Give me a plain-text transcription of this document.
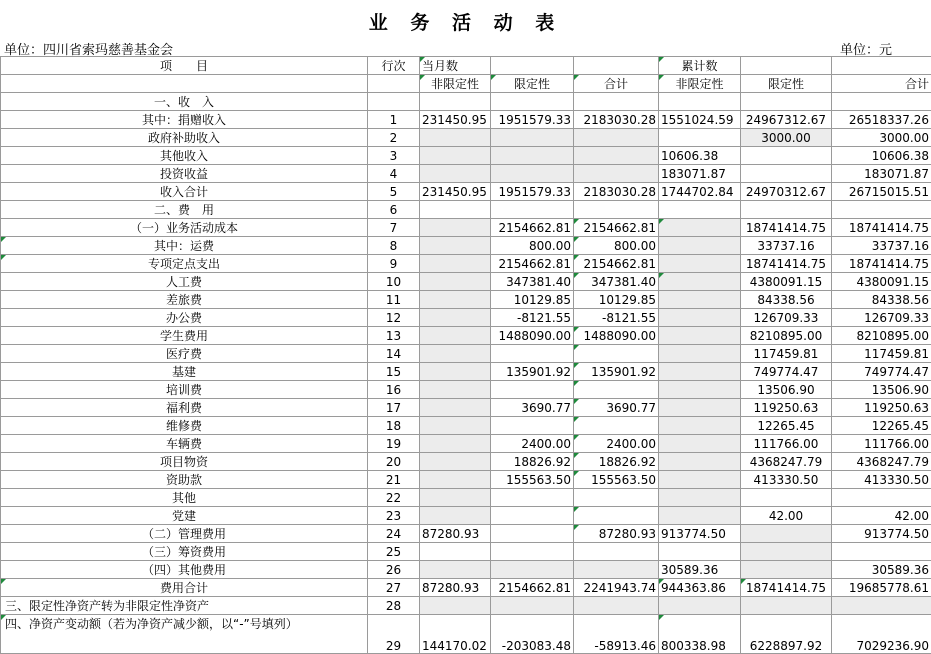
业 务 活 动 表
单位：四川省索玛慈善基金会	单位：元
项　　目	行次	当月数			累计数		
		非限定性	限定性	合计	非限定性	限定性	合计
一、收　入							
其中：捐赠收入	1	231450.95	1951579.33	2183030.28	1551024.59	24967312.67	26518337.26
政府补助收入	2					3000.00	3000.00
其他收入	3				10606.38		10606.38
投资收益	4				183071.87		183071.87
收入合计	5	231450.95	1951579.33	2183030.28	1744702.84	24970312.67	26715015.51
二、费　用	6						
（一）业务活动成本	7		2154662.81	2154662.81		18741414.75	18741414.75
其中：运费	8		800.00	800.00		33737.16	33737.16
专项定点支出	9		2154662.81	2154662.81		18741414.75	18741414.75
人工费	10		347381.40	347381.40		4380091.15	4380091.15
差旅费	11		10129.85	10129.85		84338.56	84338.56
办公费	12		-8121.55	-8121.55		126709.33	126709.33
学生费用	13		1488090.00	1488090.00		8210895.00	8210895.00
医疗费	14					117459.81	117459.81
基建	15		135901.92	135901.92		749774.47	749774.47
培训费	16					13506.90	13506.90
福利费	17		3690.77	3690.77		119250.63	119250.63
维修费	18					12265.45	12265.45
车辆费	19		2400.00	2400.00		111766.00	111766.00
项目物资	20		18826.92	18826.92		4368247.79	4368247.79
资助款	21		155563.50	155563.50		413330.50	413330.50
其他	22						
党建	23					42.00	42.00
（二）管理费用	24	87280.93		87280.93	913774.50		913774.50
（三）筹资费用	25						
（四）其他费用	26				30589.36		30589.36
费用合计	27	87280.93	2154662.81	2241943.74	944363.86	18741414.75	19685778.61
三、限定性净资产转为非限定性净资产	28						
四、净资产变动额（若为净资产减少额，以“-”号填列）	29	144170.02	-203083.48	-58913.46	800338.98	6228897.92	7029236.90
